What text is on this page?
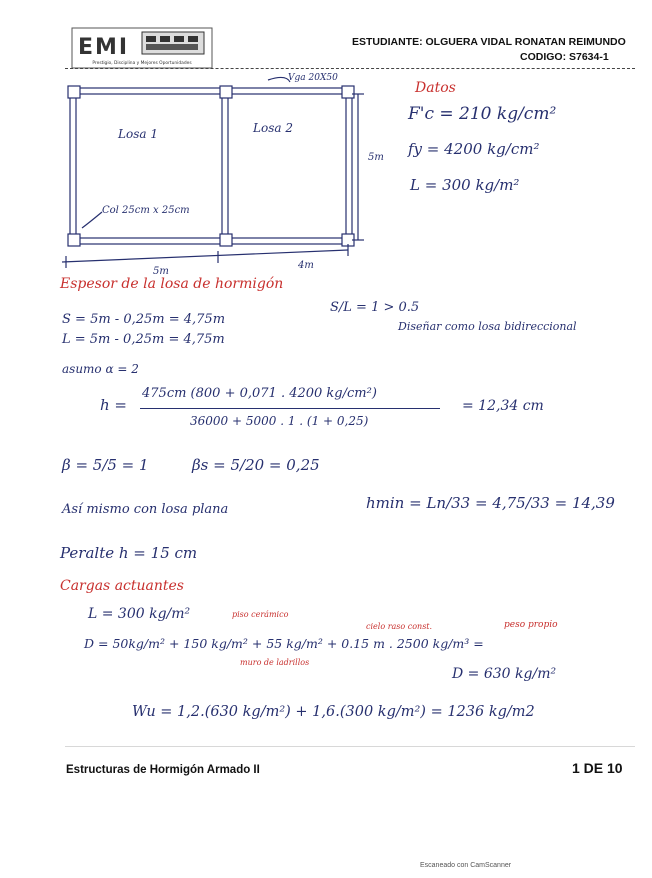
EMI
Prestigio, Disciplina y Mejores Oportunidades
ESTUDIANTE: OLGUERA VIDAL RONATAN REIMUNDO
CODIGO: S7634-1
Vga 20X50
Losa 1	Losa 2
Col 25cm x 25cm
5m
5m
4m
Datos
F'c = 210 kg/cm²
fy = 4200 kg/cm²
L = 300 kg/m²
Espesor de la losa de hormigón
S = 5m - 0,25m = 4,75m
L = 5m - 0,25m = 4,75m
S/L = 1 > 0.5
Diseñar como losa bidireccional
asumo α = 2
h =
475cm (800 + 0,071 . 4200 kg/cm²)
36000 + 5000 . 1 . (1 + 0,25)
= 12,34 cm
β = 5/5 = 1	βs = 5/20 = 0,25
Así mismo con losa plana	hmin = Ln/33 = 4,75/33 = 14,39
Peralte h = 15 cm
Cargas actuantes
L = 300 kg/m²	piso cerámico
cielo raso const.	peso propio
D = 50kg/m² + 150 kg/m² + 55 kg/m² + 0.15 m . 2500 kg/m³ =
muro de ladrillos
D = 630 kg/m²
Wu = 1,2.(630 kg/m²) + 1,6.(300 kg/m²) = 1236 kg/m2
Estructuras de Hormigón Armado II	1 DE 10
Escaneado con CamScanner
